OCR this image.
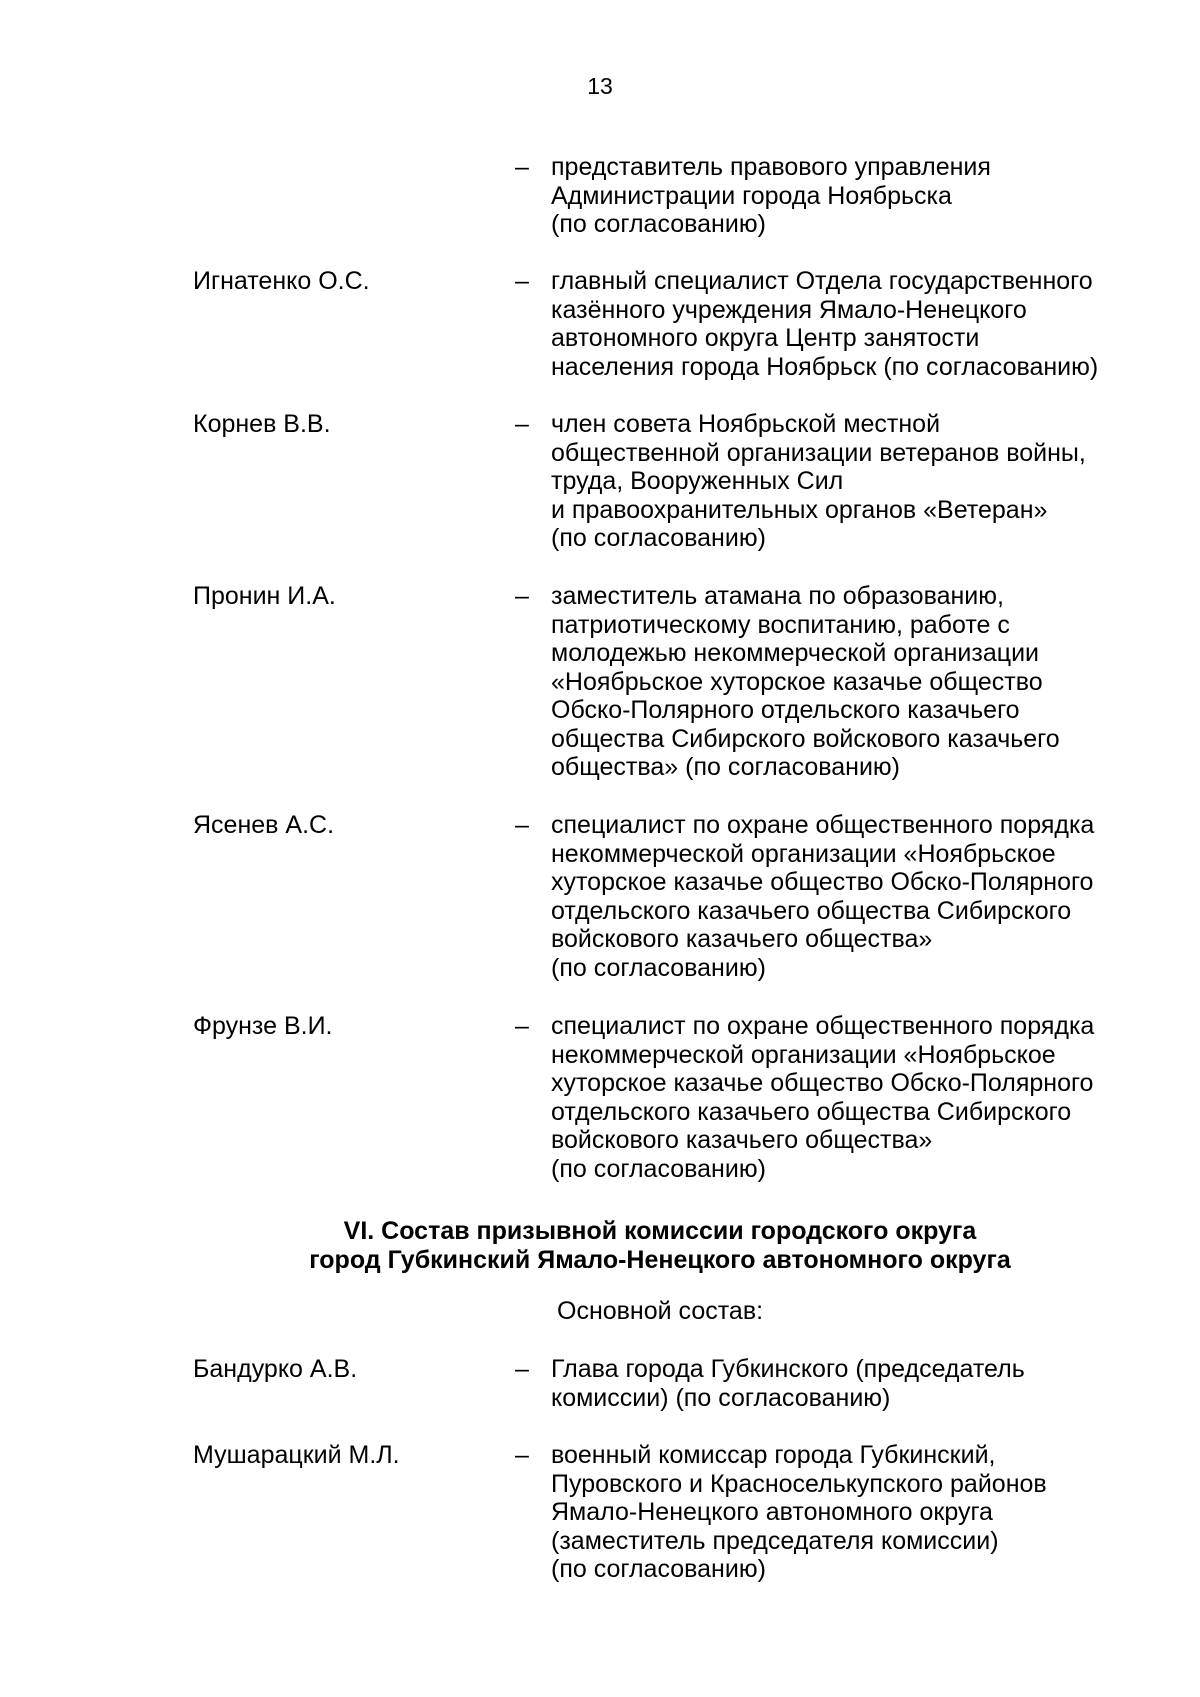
13
– представитель правового управления
Администрации города Ноябрьска
(по согласованию)
Игнатенко О.С.	– главный специалист Отдела государственного
казённого учреждения Ямало-Ненецкого
автономного округа Центр занятости
населения города Ноябрьск (по согласованию)
Корнев В.В.	– член совета Ноябрьской местной
общественной организации ветеранов войны,
труда, Вооруженных Сил
и правоохранительных органов «Ветеран»
(по согласованию)
Пронин И.А.	– заместитель атамана по образованию,
патриотическому воспитанию, работе с
молодежью некоммерческой организации
«Ноябрьское хуторское казачье общество
Обско-Полярного отдельского казачьего
общества Сибирского войскового казачьего
общества» (по согласованию)
Ясенев А.С.	– специалист по охране общественного порядка
некоммерческой организации «Ноябрьское
хуторское казачье общество Обско-Полярного
отдельского казачьего общества Сибирского
войскового казачьего общества»
(по согласованию)
Фрунзе В.И.	– специалист по охране общественного порядка
некоммерческой организации «Ноябрьское
хуторское казачье общество Обско-Полярного
отдельского казачьего общества Сибирского
войскового казачьего общества»
(по согласованию)
VI. Состав призывной комиссии городского округа
город Губкинский Ямало-Ненецкого автономного округа
Основной состав:
Бандурко А.В.	– Глава города Губкинского (председатель
комиссии) (по согласованию)
Мушарацкий М.Л.	– военный комиссар города Губкинский,
Пуровского и Красноселькупского районов
Ямало-Ненецкого автономного округа
(заместитель председателя комиссии)
(по согласованию)
